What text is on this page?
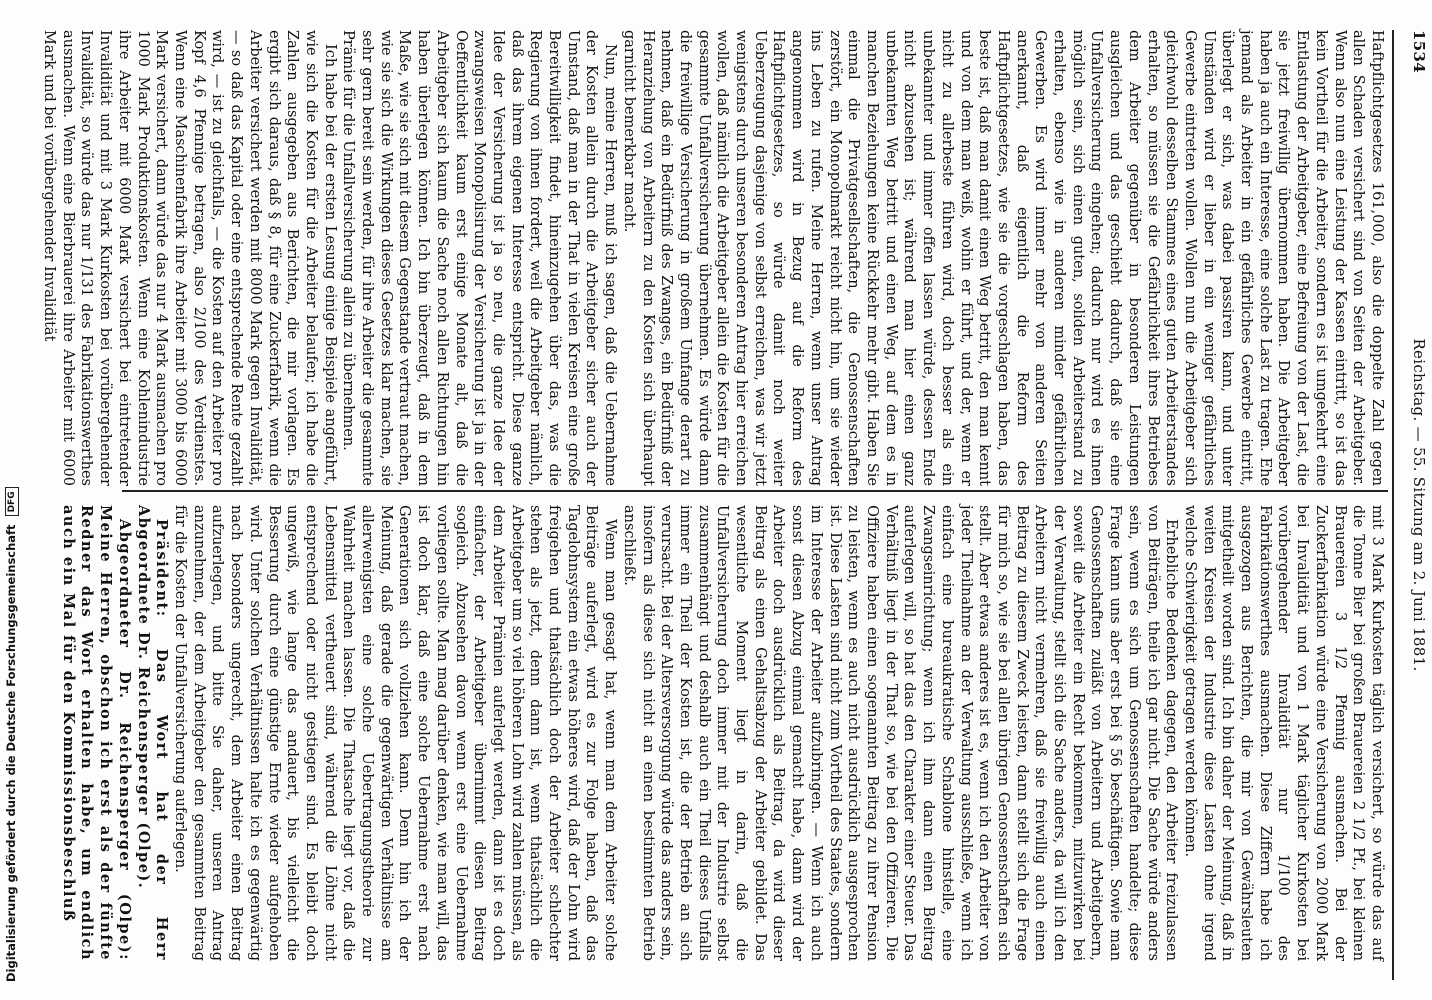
1534
Reichstag. — 55. Sitzung am 2. Juni 1881.

Haftpflichtgesetzes 161,000, also die doppelte Zahl gegen allen Schaden versichert sind von Seiten der Arbeitgeber. Wenn also nun eine Leistung der Kassen eintritt, so ist das kein Vortheil für die Arbeiter, sondern es ist umgekehrt eine Entlastung der Arbeitgeber, eine Befreiung von der Last, die sie jetzt freiwillig übernommen haben. Die Arbeitgeber haben ja auch ein Interesse, eine solche Last zu tragen. Ehe jemand als Arbeiter in ein gefährliches Gewerbe eintritt, überlegt er sich, was dabei passiren kann, und unter Umständen wird er lieber in ein weniger gefährliches Gewerbe eintreten wollen. Wollen nun die Arbeitgeber sich gleichwohl desselben Stammes eines guten Arbeiterstandes erhalten, so müssen sie die Gefährlichkeit ihres Betriebes dem Arbeiter gegenüber in besonderen Leistungen ausgleichen und das geschieht dadurch, daß sie eine Unfallversicherung eingehen; dadurch nur wird es ihnen möglich sein, sich einen guten, soliden Arbeiterstand zu erhalten, ebenso wie in anderen minder gefährlichen Gewerben. Es wird immer mehr von anderen Seiten anerkannt, daß eigentlich die Reform des Haftpflichtgesetzes, wie sie die vorgeschlagen haben, das beste ist, daß man damit einen Weg betritt, den man kennt und von dem man weiß, wohin er führt, und der, wenn er nicht zu allerbeste führen wird, doch besser als ein unbekannter und immer offen lassen würde, dessen Ende nicht abzusehen ist; während man hier einen ganz unbekannten Weg betritt und einen Weg, auf dem es in manchen Beziehungen keine Rückkehr mehr gibt. Haben Sie einmal die Privatgesellschaften, die Genossenschaften zerstört, ein Monopolmarkt reicht nicht hin, um sie wieder ins Leben zu rufen. Meine Herren, wenn unser Antrag angenommen wird in Bezug auf die Reform des Haftpflichtgesetzes, so würde damit noch weiter Ueberzeugung dasjenige von selbst erreichen, was wir jetzt wenigstens durch unseren besonderen Antrag hier erreichen wollen, daß nämlich die Arbeitgeber allein die Kosten für die gesammte Unfallversicherung übernehmen. Es würde dann die freiwillige Versicherung in großem Umfange derart zu nehmen, daß ein Bedürfniß des Zwanges, ein Bedürfniß der Heranziehung von Arbeitern zu den Kosten sich überhaupt garnicht bemerkbar macht.

Nun, meine Herren, muß ich sagen, daß die Uebernahme der Kosten allein durch die Arbeitgeber sicher auch der Umstand, daß man in der That in vielen Kreisen eine große Bereitwilligkeit findet, hineinzugehen über das, was die Regierung von ihnen fordert, weil die Arbeitgeber nämlich, daß das ihrem eigenen Interesse entspricht. Diese ganze Idee der Versicherung ist ja so neu, die ganze Idee der zwangsweisen Monopolisirung der Versicherung ist ja in der Oeffentlichkeit kaum erst einige Monate alt, daß die Arbeitgeber sich kaum die Sache noch allen Richtungen hin haben überlegen können. Ich bin überzeugt, daß in dem Maße, wie sie sich mit diesem Gegenstande vertraut machen, wie sie sich die Wirkungen dieses Gesetzes klar machen, sie sehr gern bereit sein werden, für ihre Arbeiter die gesammte Prämie für die Unfallversicherung allein zu übernehmen.

Ich habe bei der ersten Lesung einige Beispiele angeführt, wie sich die Kosten für die Arbeiter belaufen; ich habe die Zahlen ausgegeben aus Berichten, die mir vorlagen. Es ergibt sich daraus, daß § 8, für eine Zuckerfabrik, wenn die Arbeiter versichert werden mit 8000 Mark gegen Invalidität, — so daß das Kapital oder eine entsprechende Rente gezahlt wird, — ist zu gleichfalls, — die Kosten auf den Arbeiter pro Kopf 4,6 Pfennige betragen, also 2/100 des Verdienstes. Wenn eine Maschinenfabrik ihre Arbeiter mit 3000 bis 6000 Mark versichert, dann würde das nur 4 Mark ausmachen pro 1000 Mark Produktionskosten. Wenn eine Kohlenindustrie ihre Arbeiter mit 6000 Mark versichert bei eintretender Invalidität und mit 3 Mark Kurkosten bei vorübergehender Invalidität, so würde das nur 1/131 des Fabrikationswerthes ausmachen. Wenn eine Bierbrauerei ihre Arbeiter mit 6000 Mark und bei vorübergehender Invalidität

mit 3 Mark Kurkosten täglich versichert, so würde das auf die Tonne Bier bei großen Brauereien 2 1/2 Pf., bei kleinen Brauereien 3 1/2 Pfennig ausmachen. Bei der Zuckerfabrikation würde eine Versicherung von 2000 Mark bei Invalidität und von 1 Mark täglicher Kurkosten bei vorübergehender Invalidität nur 1/100 des Fabrikationswerthes ausmachen. Diese Ziffern habe ich ausgezogen aus Berichten, die mir von Gewährsleuten mitgetheilt worden sind. Ich bin daher der Meinung, daß in weiten Kreisen der Industrie diese Lasten ohne irgend welche Schwierigkeit getragen werden können.

Erhebliche Bedenken dagegen, den Arbeiter freizulassen von Beiträgen, theile ich gar nicht. Die Sache würde anders sein, wenn es sich um Genossenschaften handelte; diese Frage kann uns aber erst bei § 56 beschäftigen. Sowie man Genossenschaften zuläßt von Arbeitern und Arbeitgebern, soweit die Arbeiter ein Recht bekommen, mitzuwirken bei der Verwaltung, stellt sich die Sache anders, da will ich den Arbeitern nicht vermehren, daß sie freiwillig auch einen Beitrag zu diesem Zweck leisten, dann stellt sich die Frage für mich so, wie sie bei allen übrigen Genossenschaften sich stellt. Aber etwas anderes ist es, wenn ich den Arbeiter von jeder Theilnahme an der Verwaltung ausschließe, wenn ich einfach eine bureaukratische Schablone hinstelle, eine Zwangseinrichtung; wenn ich ihm dann einen Beitrag auferlegen will, so hat das den Charakter einer Steuer. Das Verhältniß liegt in der That so, wie bei den Offizieren. Die Offiziere haben einen sogenannten Beitrag zu ihrer Pension zu leisten, wenn es auch nicht ausdrücklich ausgesprochen ist. Diese Lasten sind nicht zum Vortheil des Staates, sondern im Interesse der Arbeiter aufzubringen. — Wenn ich auch sonst diesen Abzug einmal gemacht habe, dann wird der Arbeiter doch ausdrücklich als Beitrag, da wird dieser Beitrag als einen Gehaltsabzug der Arbeiter gebildet. Das wesentliche Moment liegt in darin, daß die Unfallversicherung doch immer mit der Industrie selbst zusammenhängt und deshalb auch ein Theil dieses Unfalls immer ein Theil der Kosten ist, die der Betrieb an sich verursacht. Bei der Altersversorgung würde das anders sein, insofern als diese sich nicht an einen bestimmten Betrieb anschließt.

Wenn man gesagt hat, wenn man dem Arbeiter solche Beiträge auferlegt, wird es zur Folge haben, daß das Tagelohnsystem ein etwas höheres wird, daß der Lohn wird freigehen und thatsächlich doch der Arbeiter schlechter stehen als jetzt, denn dann ist, wenn thatsächlich die Arbeitgeber um so viel höheren Lohn wird zahlen müssen, als dem Arbeiter Prämien auferlegt werden, dann ist es doch einfacher, der Arbeitgeber übernimmt diesen Beitrag sogleich. Abzusehen davon wenn erst eine Uebernahme vorliegen sollte. Man mag darüber denken, wie man will, das ist doch klar, daß eine solche Uebernahme erst nach Generationen sich vollziehen kann. Denn hin ich der Meinung, daß gerade die gegenwärtigen Verhältnisse am allerwenigsten eine solche Uebertragungstheorie zur Wahrheit machen lassen. Die Thatsache liegt vor, daß die Lebensmittel vertheuert sind, während die Löhne nicht entsprechend oder nicht gestiegen sind. Es bleibt doch ungewiß, wie lange das andauert, bis vielleicht die Besserung durch eine günstige Ernte wieder aufgehoben wird. Unter solchen Verhältnissen halte ich es gegenwärtig nach besonders ungerecht, dem Arbeiter einen Beitrag aufzuerlegen, und bitte Sie daher, unseren Antrag anzunehmen, der dem Arbeitgeber den gesammten Beitrag für die Kosten der Unfallversicherung auferlegen.

Präsident: Das Wort hat der Herr Abgeordnete Dr. Reichensperger (Olpe).

Abgeordneter Dr. Reichensperger (Olpe): Meine Herren, obschon ich erst als der fünfte Redner das Wort erhalten habe, um endlich auch ein Mal für den Kommissionsbeschluß

Digitalisierung gefördert durch die Deutsche Forschungsgemeinschaft DFG
